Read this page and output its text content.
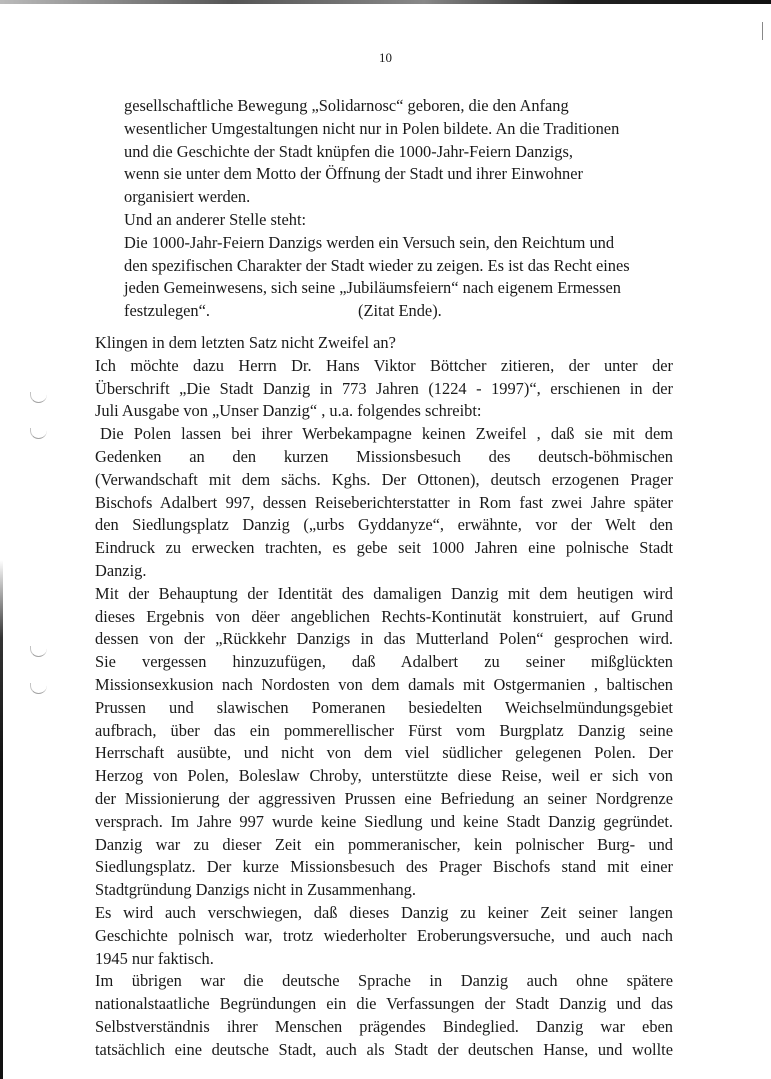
10

gesellschaftliche Bewegung „Solidarnosc“ geboren, die den Anfang

wesentlicher Umgestaltungen nicht nur in Polen bildete. An die Traditionen

und die Geschichte der Stadt knüpfen die 1000-Jahr-Feiern Danzigs,

wenn sie unter dem Motto der Öffnung der Stadt und ihrer Einwohner

organisiert werden.

Und an anderer Stelle steht:

Die 1000-Jahr-Feiern Danzigs werden ein Versuch sein, den Reichtum und

den spezifischen Charakter der Stadt wieder zu zeigen. Es ist das Recht eines

jeden Gemeinwesens, sich seine „Jubiläumsfeiern“ nach eigenem Ermessen

festzulegen“.	(Zitat Ende).

Klingen in dem letzten Satz nicht Zweifel an?
Ich möchte dazu Herrn Dr. Hans Viktor Böttcher zitieren, der unter der
Überschrift „Die Stadt Danzig in 773 Jahren (1224 - 1997)“, erschienen in der
Juli Ausgabe von „Unser Danzig“ , u.a. folgendes schreibt:
Die Polen lassen bei ihrer Werbekampagne keinen Zweifel , daß sie mit dem
Gedenken an den kurzen Missionsbesuch des deutsch-böhmischen
(Verwandschaft mit dem sächs. Kghs. Der Ottonen), deutsch erzogenen Prager
Bischofs Adalbert 997, dessen Reiseberichterstatter in Rom fast zwei Jahre später
den Siedlungsplatz Danzig („urbs Gyddanyze“, erwähnte, vor der Welt den
Eindruck zu erwecken trachten, es gebe seit 1000 Jahren eine polnische Stadt
Danzig.
Mit der Behauptung der Identität des damaligen Danzig mit dem heutigen wird
dieses Ergebnis von dёer angeblichen Rechts-Kontinutät konstruiert, auf Grund
dessen von der „Rückkehr Danzigs in das Mutterland Polen“ gesprochen wird.
Sie vergessen hinzuzufügen, daß Adalbert zu seiner mißglückten
Missionsexkusion nach Nordosten von dem damals mit Ostgermanien , baltischen
Prussen und slawischen Pomeranen besiedelten Weichselmündungsgebiet
aufbrach, über das ein pommerellischer Fürst vom Burgplatz Danzig seine
Herrschaft ausübte, und nicht von dem viel südlicher gelegenen Polen. Der
Herzog von Polen, Boleslaw Chroby, unterstützte diese Reise, weil er sich von
der Missionierung der aggressiven Prussen eine Befriedung an seiner Nordgrenze
versprach. Im Jahre 997 wurde keine Siedlung und keine Stadt Danzig gegründet.
Danzig war zu dieser Zeit ein pommeranischer, kein polnischer Burg- und
Siedlungsplatz. Der kurze Missionsbesuch des Prager Bischofs stand mit einer
Stadtgründung Danzigs nicht in Zusammenhang.
Es wird auch verschwiegen, daß dieses Danzig zu keiner Zeit seiner langen
Geschichte polnisch war, trotz wiederholter Eroberungsversuche, und auch nach
1945 nur faktisch.
Im übrigen war die deutsche Sprache in Danzig auch ohne spätere
nationalstaatliche Begründungen ein die Verfassungen der Stadt Danzig und das
Selbstverständnis ihrer Menschen prägendes Bindeglied. Danzig war eben
tatsächlich eine deutsche Stadt, auch als Stadt der deutschen Hanse, und wollte
